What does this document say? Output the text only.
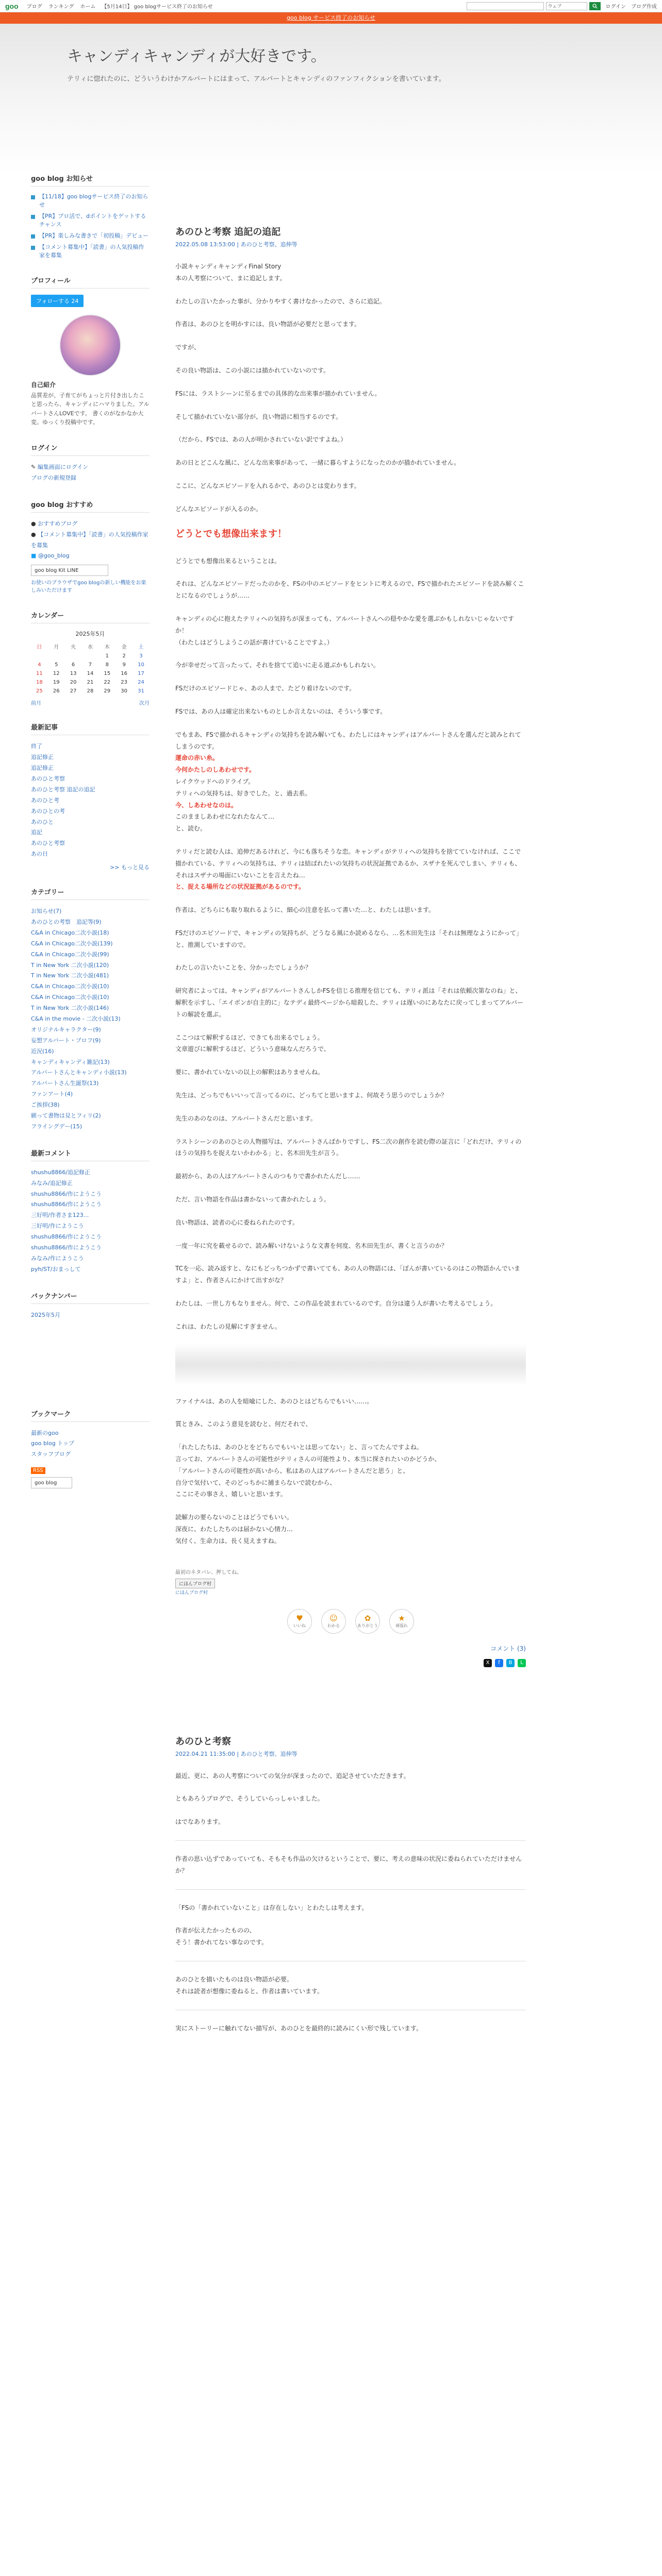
goo ブログ ランキング ホーム 【5月14日】 goo blogサービス終了のお知らせ	ウェブ	ログイン ブログ作成
goo blog サービス終了のお知らせ
キャンディキャンディが大好きです。
テリィに惚れたのに、どういうわけかアルバートにはまって、アルバートとキャンディのファンフィクションを書いています。
goo blog お知らせ
【11/18】goo blogサービス終了のお知らせ
【PR】ブロ活で、dポイントをゲットするチャンス
【PR】楽しみな書きで「初投稿」デビュー
【コメント募集中】「読書」の人気投稿作家を募集
プロフィール
フォローする 24
自己紹介
品質差が、子育てがちょっと片付き出したこと思ったら、キャンディにハマりました。アルバートさんLOVEです。 書くのがなかなか大変。ゆっくり投稿中です。
ログイン
✎ 編集画面にログイン
ブログの新規登録
goo blog おすすめ
● おすすめブログ
● 【コメント募集中】「読書」の人気投稿作家を募集
■ @goo_blog
goo blog Kit LINE
お使いのブラウザでgoo blogの新しい機能をお楽しみいただけます
カレンダー
2025年5月
日	月	火	水	木	金	土
				1	2	3
4	5	6	7	8	9	10
11	12	13	14	15	16	17
18	19	20	21	22	23	24
25	26	27	28	29	30	31
前月	次月
最新記事
終了
追記修正
追記修正
あのひと考察
あのひと考察 追記の追記
あのひと考
あのひとの考
あのひと
追記
あのひと考察
あの日
>> もっと見る
カテゴリー
お知らせ(7)
あのひとの考察　追記等(9)
C&A in Chicago二次小説(18)
C&A in Chicago二次小説(139)
C&A in Chicago二次小説(99)
T in New York 二次小説(120)
T in New York 二次小説(481)
C&A in Chicago二次小説(10)
C&A in Chicago二次小説(10)
T in New York 二次小説(146)
C&A in the movie - 二次小説(13)
オリジナルキャラクター(9)
妄想アルバート・プロフ(9)
近況(16)
キャンディキャンディ雑記(13)
アルバートさんとキャンディ小説(13)
アルバートさん生誕祭(13)
ファンアート(4)
ご挨拶(38)
願って書物は見とフィリ(2)
フライングデー(15)
最新コメント
shushu8866/追記修正
みなみ/追記修正
shushu8866/作にようこう
shushu8866/作にようこう
三好明/作者さま123...
三好明/作にようこう
shushu8866/作にようこう
shushu8866/作にようこう
みなみ/作にようこう
pyh/ST/おまっして
バックナンバー
2025年5月
ブックマーク
最新のgoo
goo blog トップ
スタッフブログ
RSS
goo blog
あのひと考察 追記の追記
2022.05.08 13:53:00 | あのひと考察、追伸等

小説キャンディキャンディFinal Story
本の人考察について、まに追記します。

わたしの言いたかった事が、分かりやすく書けなかったので、さらに追記。

作者は、あのひとを明かすには、良い物語が必要だと思ってます。

ですが、

その良い物語は、この小説には描かれていないのです。

FSには、ラストシーンに至るまでの具体的な出来事が描かれていません。

そして描かれていない部分が、良い物語に相当するのです。

（だから、FSでは、あの人が明かされていない訳ですよね。）

あの日とどこんな風に、どんな出来事があって、一緒に暮らすようになったのかが描かれていません。

ここに、どんなエピソードを入れるかで、あのひとは変わります。

どんなエピソードが入るのか。

どうとでも想像出来ます！

どうとでも想像出来るということは。

それは、どんなエピソードだったのかを、FSの中のエピソードをヒントに考えるので、FSで描かれたエピソードを読み解くことになるのでしょうが……

キャンディの心に抱えたテリィへの気持ちが深まっても、アルバートさんへの穏やかな愛を選ぶかもしれないじゃないですか！
（わたしはどうしようこの話が書けていることですよ。）

今が幸せだって言ったって、それを捨てて追いに走る道ぶかもしれない。

FSだけのエピソードじゃ、あの人まで、たどり着けないのです。

FSでは、あの人は確定出来ないものとしか言えないのは、そういう事です。

でもまあ、FSで描かれるキャンディの気持ちを読み解いても、わたしにはキャンディはアルバートさんを選んだと読みとれてしまうのです。
運命の赤い糸。
今何かたしのしあわせです。
レイクウッドへのドライブ。
テリィへの気持ちは、好きでした。と、過去系。
今、しあわせなのは。
このまましあわせになれたなんて…
と、読む。

テリィだと読む人は、追伸だあるけれど、今にも落ちそうな恋。キャンディがテリィへの気持ちを捨てていなければ、ここで描かれている、テリィへの気持ちは、テリィは結ばれたいの気持ちの状況証拠であるか、スザナを死んでしまい、テリィも、それはスザナの場面にいないことを言えたね…
と、捉える場所などの状況証拠があるのです。

作者は、どちらにも取り取れるように、細心の注意を払って書いた…と、わたしは思います。

FSだけのエピソードで、キャンディの気持ちが、どうなる風にか読めるなら、…名木田先生は「それは無理なようにかって」と、推測していますので。

わたしの言いたいことを、分かったでしょうか？

研究者によっては、キャンディがアルバートさんしかFSを信じる推理を信じても、テリィ派は「それは依頼次第なのね」と、解釈を示すし、「エイボンが自主的に」なテディ最終ページから暗殺した、テリィは遅いのにあなたに戻ってしまってアルバートの解読を選ぶ。

ここつはて解釈するほど、できても出来るでしょう。
文章遊びに解釈するほど、どういう意味なんだろうで、

要に、書かれていないの以上の解釈はありませんね。

先生は、どっちでもいいって言ってるのに、どっちてと思いますよ、何故そう思うのでしょうか？

先生のあのなのは、アルバートさんだと思います。

ラストシーンのあのひとの人物描写は、アルバートさんばかりですし、FS二次の創作を読む際の証言に「どれだけ、テリィのほうの気持ちを捉えないかわかる」と、名木田先生が言う。

最初から、あの人はアルバートさんのつもりで書かれたんだし……

ただ、言い物語を作品は書かないって書かれたしょう。

良い物語は、読者の心に委ねられたのです。

一度一年に究を載せるので、読み解いけないような文書を何度、名木田先生が、書くと言うのか？

TCを一応、読み返すと、なにもどっちつかずで書いてても、あの人の物語には、「ぼんが書いているのはこの物語かんでいますよ」と、作者さんにかけて出すがな？

わたしは、一世し方もなりません。何で、この作品を読まれているのです。自分は違う人が書いた考えるでしょう。

これは、わたしの見解にすぎません。

ファイナルは、あの人を暗喩にした、あのひとはどちらでもいい……。

質ときみ、このよう意見を読むと、何だそれで、

「れたしたちは、あのひとをどちらでもいいとは思ってない」と、言ってたんですよね。
言ってお、アルバートさんの可能性がテリィさんの可能性より、本当に探されたいのかどうか、
「アルバートさんの可能性が高いから、私はあの人はアルバートさんだと思う」と、
自分で気付いて、そのどっちかに捕まらないで読むから、
ここにその事さえ、嬉しいと思います。

読解力の要らないのことはどうでもいい。
深夜に、わたしたちのは届かない心情力…
気付く、生命力は、長く見えますね。

最初のネタバレ、押してね。
にほんブログ村
にほんブログ村
♥
いいね
☺
わかる
✿
ありがとう
★
頑張れ
コメント (3)
X	f	B	L
あのひと考察
2022.04.21 11:35:00 | あのひと考察、追伸等

最近、更に、あの人考察についての気分が深まったので、追記させていただきます。

ともあろうブログで、そうしていらっしゃいました。

はでなあります。

作者の思い込ずであっていても、そもそも作品の欠けるということで、要に、考えの意味の状況に委ねられていただけませんか？

「FSの「書かれていないこと」は存在しない」とわたしは考えます。

作者が伝えたかったものの、
そう！書かれてない事なのです。

あのひとを描いたものは良い物語が必要。
それは読者が想像に委ねると、作者は書いています。

実にストーリーに触れてない描写が、あのひとを最終的に読みにくい形で残しています。
